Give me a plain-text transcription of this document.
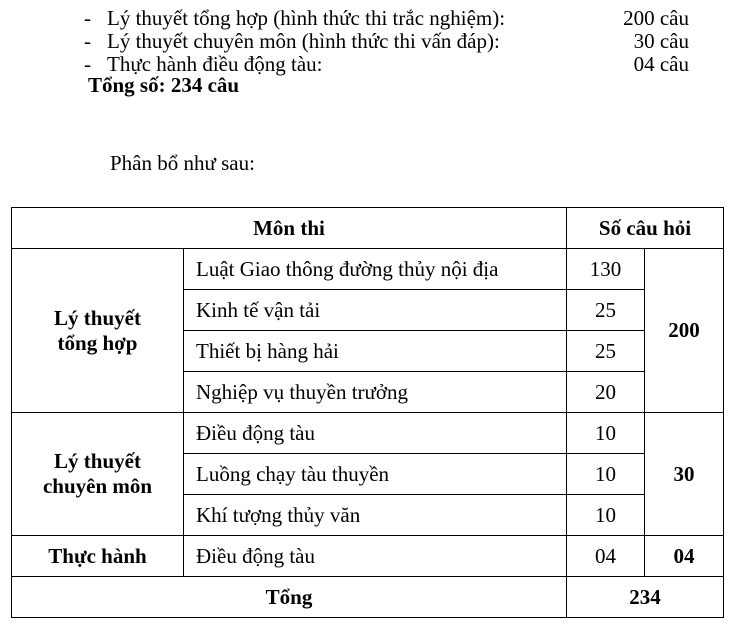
- Lý thuyết tổng hợp (hình thức thi trắc nghiệm):	200 câu
- Lý thuyết chuyên môn (hình thức thi vấn đáp):	30 câu
- Thực hành điều động tàu:	04 câu
Tổng số: 234 câu
Phân bổ như sau:
Môn thi		Số câu hỏi	
Lý thuyết
tổng hợp	Luật Giao thông đường thủy nội địa	130	200
	Kinh tế vận tải	25	
	Thiết bị hàng hải	25	
	Nghiệp vụ thuyền trưởng	20	
Lý thuyết
chuyên môn	Điều động tàu	10	30
	Luồng chạy tàu thuyền	10	
	Khí tượng thủy văn	10	
Thực hành	Điều động tàu	04	04
Tổng		234	
